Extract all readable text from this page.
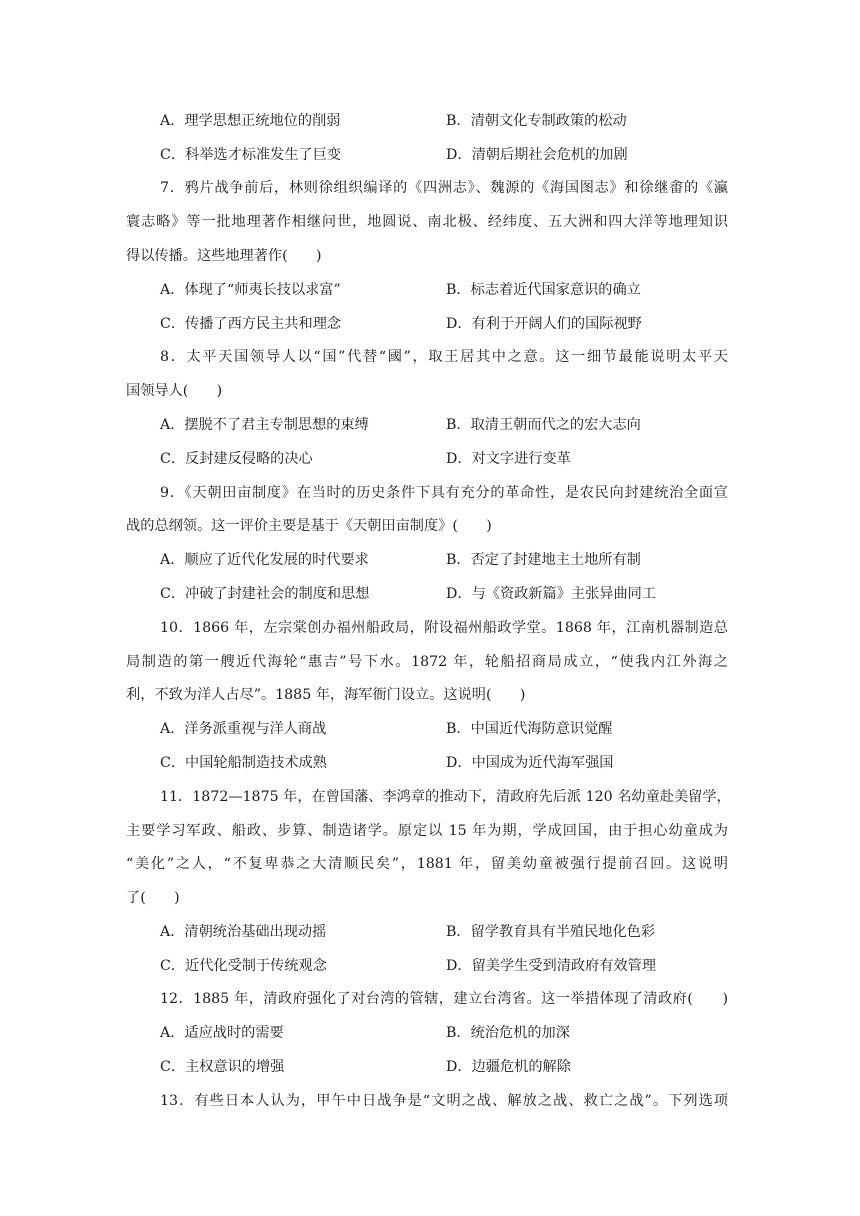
A．理学思想正统地位的削弱	B．清朝文化专制政策的松动
C．科举选才标准发生了巨变	D．清朝后期社会危机的加剧
7．鸦片战争前后，林则徐组织编译的《四洲志》、魏源的《海国图志》和徐继畬的《瀛
寰志略》等一批地理著作相继问世，地圆说、南北极、经纬度、五大洲和四大洋等地理知识
得以传播。这些地理著作(　　)
A．体现了“师夷长技以求富”	B．标志着近代国家意识的确立
C．传播了西方民主共和理念	D．有利于开阔人们的国际视野
8．太平天国领导人以“国”代替“國”，取王居其中之意。这一细节最能说明太平天
国领导人(　　)
A．摆脱不了君主专制思想的束缚	B．取清王朝而代之的宏大志向
C．反封建反侵略的决心	D．对文字进行变革
9．《天朝田亩制度》在当时的历史条件下具有充分的革命性，是农民向封建统治全面宣
战的总纲领。这一评价主要是基于《天朝田亩制度》(　　)
A．顺应了近代化发展的时代要求	B．否定了封建地主土地所有制
C．冲破了封建社会的制度和思想	D．与《资政新篇》主张异曲同工
10．1866 年，左宗棠创办福州船政局，附设福州船政学堂。1868 年，江南机器制造总
局制造的第一艘近代海轮“惠吉”号下水。1872 年，轮船招商局成立，“使我内江外海之
利，不致为洋人占尽”。1885 年，海军衙门设立。这说明(　　)
A．洋务派重视与洋人商战	B．中国近代海防意识觉醒
C．中国轮船制造技术成熟	D．中国成为近代海军强国
11．1872—1875 年，在曾国藩、李鸿章的推动下，清政府先后派 120 名幼童赴美留学，
主要学习军政、船政、步算、制造诸学。原定以 15 年为期，学成回国，由于担心幼童成为
“美化”之人，“不复卑恭之大清顺民矣”，1881 年，留美幼童被强行提前召回。这说明
了(　　)
A．清朝统治基础出现动摇	B．留学教育具有半殖民地化色彩
C．近代化受制于传统观念	D．留美学生受到清政府有效管理
12．1885 年，清政府强化了对台湾的管辖，建立台湾省。这一举措体现了清政府(　　)
A．适应战时的需要	B．统治危机的加深
C．主权意识的增强	D．边疆危机的解除
13．有些日本人认为，甲午中日战争是“文明之战、解放之战、救亡之战”。下列选项
